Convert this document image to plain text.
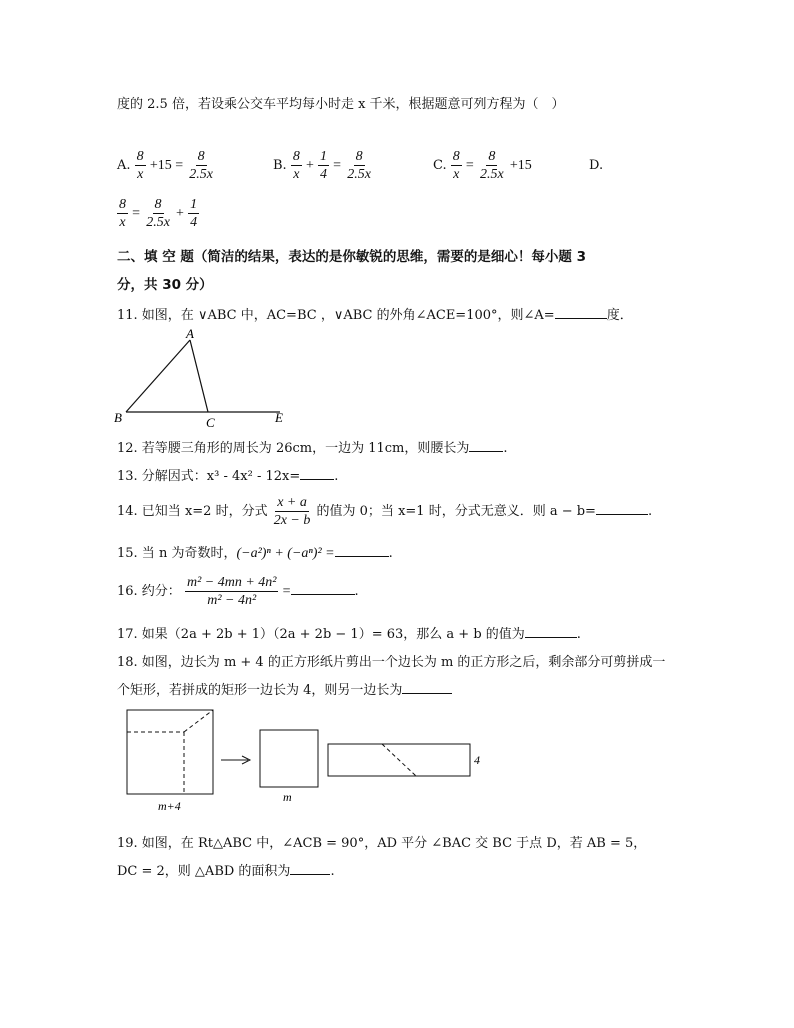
度的 2.5 倍，若设乘公交车平均每小时走 x 千米，根据题意可列方程为（　）
A. $\frac{8}{x} +15 = \frac{8}{2.5x}$	B. $\frac{8}{x} + \frac{1}{4} = \frac{8}{2.5x}$	C. $\frac{8}{x} = \frac{8}{2.5x} +15$	D.
$\frac{8}{x} = \frac{8}{2.5x} + \frac{1}{4}$
二、填 空 题（简洁的结果，表达的是你敏锐的思维，需要的是细心！每小题 3
分，共 30 分）
11. 如图，在 ∨ABC 中，AC=BC ，∨ABC 的外角∠ACE=100°，则∠A=	度．
A
B	C	E
12. 若等腰三角形的周长为 26cm，一边为 11cm，则腰长为	.
13. 分解因式：x³ - 4x² - 12x=	.
14. 已知当 x=2 时，分式 $\frac{x + a}{2x - b}$ 的值为 0；当 x=1 时，分式无意义．则 a − b=	.
15. 当 n 为奇数时，(−a²)ⁿ + (−aⁿ)² =	.
16. 约分： $\frac{\text{m² − 4mn + 4n²}}{\text{m² − 4n²}}$ =	.
17. 如果（2a + 2b + 1）（2a + 2b − 1）= 63，那么 a + b 的值为	.
18. 如图，边长为 m + 4 的正方形纸片剪出一个边长为 m 的正方形之后，剩余部分可剪拼成一
个矩形，若拼成的矩形一边长为 4，则另一边长为
m+4
m
4
19. 如图，在 Rt△ABC 中，∠ACB = 90°，AD 平分 ∠BAC 交 BC 于点 D，若 AB = 5，
DC = 2，则 △ABD 的面积为	.
